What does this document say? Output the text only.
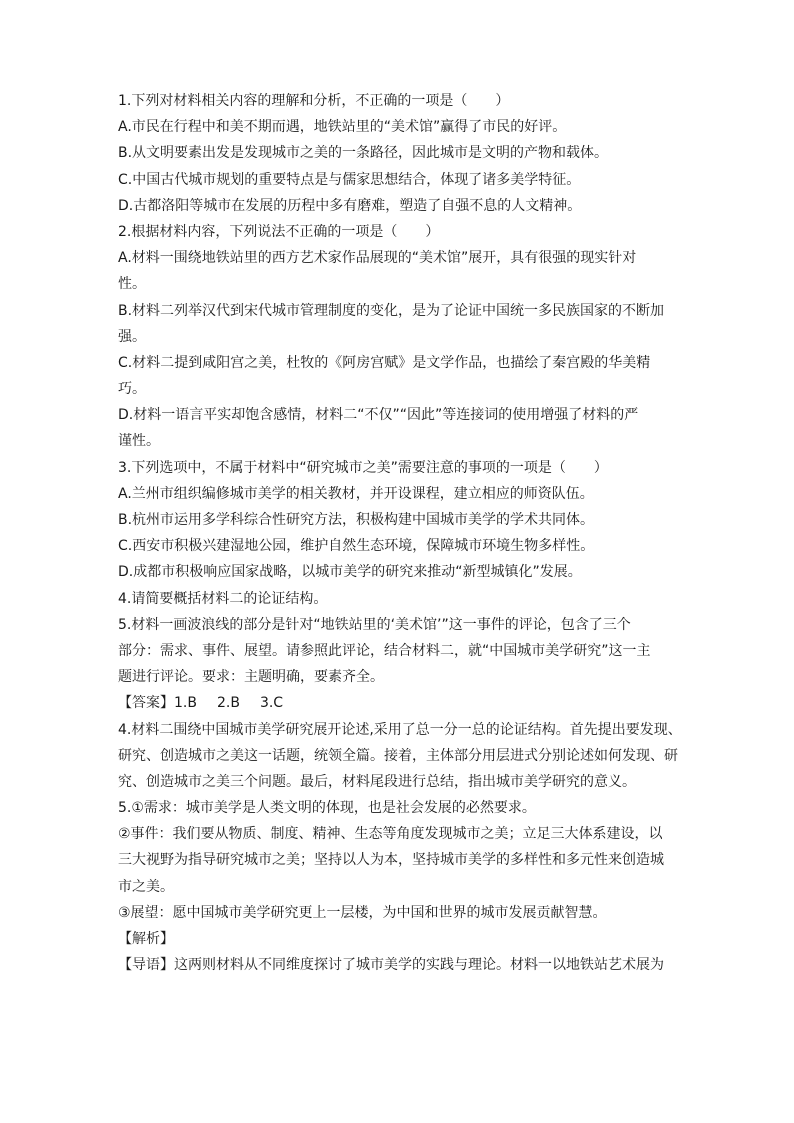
1.下列对材料相关内容的理解和分析，不正确的一项是（　　）
A.市民在行程中和美不期而遇，地铁站里的“美术馆”赢得了市民的好评。
B.从文明要素出发是发现城市之美的一条路径，因此城市是文明的产物和载体。
C.中国古代城市规划的重要特点是与儒家思想结合，体现了诸多美学特征。
D.古都洛阳等城市在发展的历程中多有磨难，塑造了自强不息的人文精神。
2.根据材料内容，下列说法不正确的一项是（　　）
A.材料一围绕地铁站里的西方艺术家作品展现的“美术馆”展开，具有很强的现实针对
性。
B.材料二列举汉代到宋代城市管理制度的变化，是为了论证中国统一多民族国家的不断加
强。
C.材料二提到咸阳宫之美，杜牧的《阿房宫赋》是文学作品，也描绘了秦宫殿的华美精
巧。
D.材料一语言平实却饱含感情，材料二“不仅”“因此”等连接词的使用增强了材料的严
谨性。
3.下列选项中，不属于材料中“研究城市之美”需要注意的事项的一项是（　　）
A.兰州市组织编修城市美学的相关教材，并开设课程，建立相应的师资队伍。
B.杭州市运用多学科综合性研究方法，积极构建中国城市美学的学术共同体。
C.西安市积极兴建湿地公园，维护自然生态环境，保障城市环境生物多样性。
D.成都市积极响应国家战略，以城市美学的研究来推动“新型城镇化”发展。
4.请简要概括材料二的论证结构。
5.材料一画波浪线的部分是针对“地铁站里的‘美术馆’”这一事件的评论，包含了三个
部分：需求、事件、展望。请参照此评论，结合材料二，就“中国城市美学研究”这一主
题进行评论。要求：主题明确，要素齐全。
【答案】1.B 2.B 3.C
4.材料二围绕中国城市美学研究展开论述,采用了总一分一总的论证结构。首先提出要发现、
研究、创造城市之美这一话题，统领全篇。接着，主体部分用层进式分别论述如何发现、研
究、创造城市之美三个问题。最后，材料尾段进行总结，指出城市美学研究的意义。
5.①需求：城市美学是人类文明的体现，也是社会发展的必然要求。
②事件：我们要从物质、制度、精神、生态等角度发现城市之美；立足三大体系建设，以
三大视野为指导研究城市之美；坚持以人为本，坚持城市美学的多样性和多元性来创造城
市之美。
③展望：愿中国城市美学研究更上一层楼，为中国和世界的城市发展贡献智慧。
【解析】
【导语】这两则材料从不同维度探讨了城市美学的实践与理论。材料一以地铁站艺术展为
